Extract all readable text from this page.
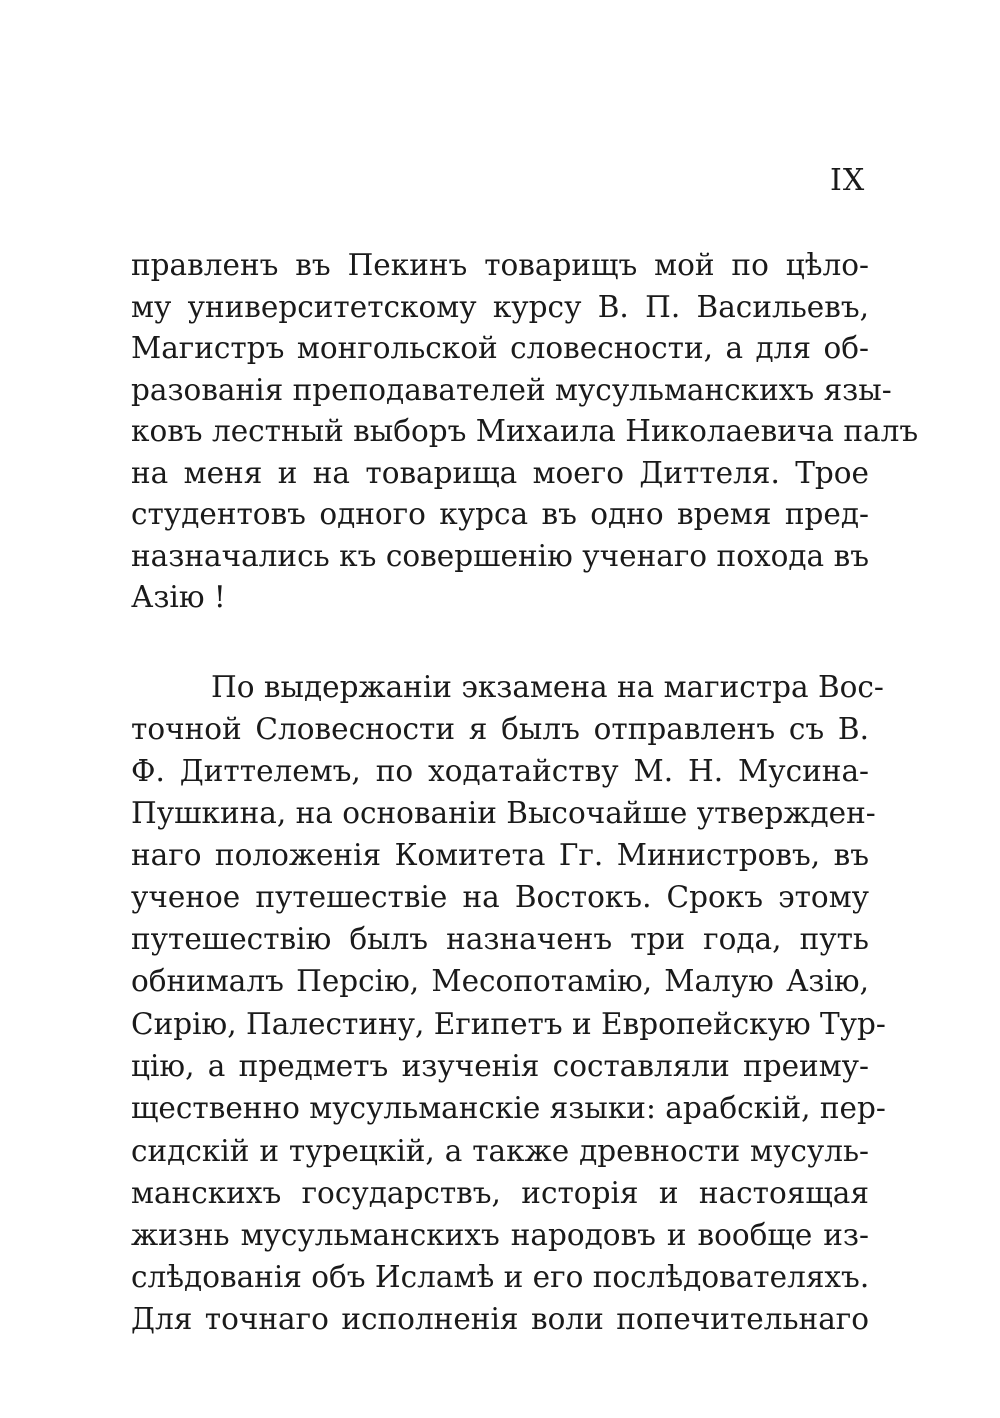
IX
правленъ въ Пекинъ товарищъ мой по цѣло-
му университетскому курсу В. П. Васильевъ,
Магистръ монгольской словесности, а для об-
разованія преподавателей мусульманскихъ язы-
ковъ лестный выборъ Михаила Николаевича палъ
на меня и на товарища моего Диттеля. Трое
студентовъ одного курса въ одно время пред-
назначались къ совершенію ученаго похода въ
Азію !
По выдержаніи экзамена на магистра Вос-
точной Словесности я былъ отправленъ съ В.
Ф. Диттелемъ, по ходатайству М. Н. Мусина-
Пушкина, на основаніи Высочайше утвержден-
наго положенія Комитета Гг. Министровъ, въ
ученое путешествіе на Востокъ. Срокъ этому
путешествію былъ назначенъ три года, путь
обнималъ Персію, Месопотамію, Малую Азію,
Сирію, Палестину, Египетъ и Европейскую Тур-
цію, а предметъ изученія составляли преиму-
щественно мусульманскіе языки: арабскій, пер-
сидскій и турецкій, а также древности мусуль-
манскихъ государствъ, исторія и настоящая
жизнь мусульманскихъ народовъ и вообще из-
слѣдованія объ Исламѣ и его послѣдователяхъ.
Для точнаго исполненія воли попечительнаго
